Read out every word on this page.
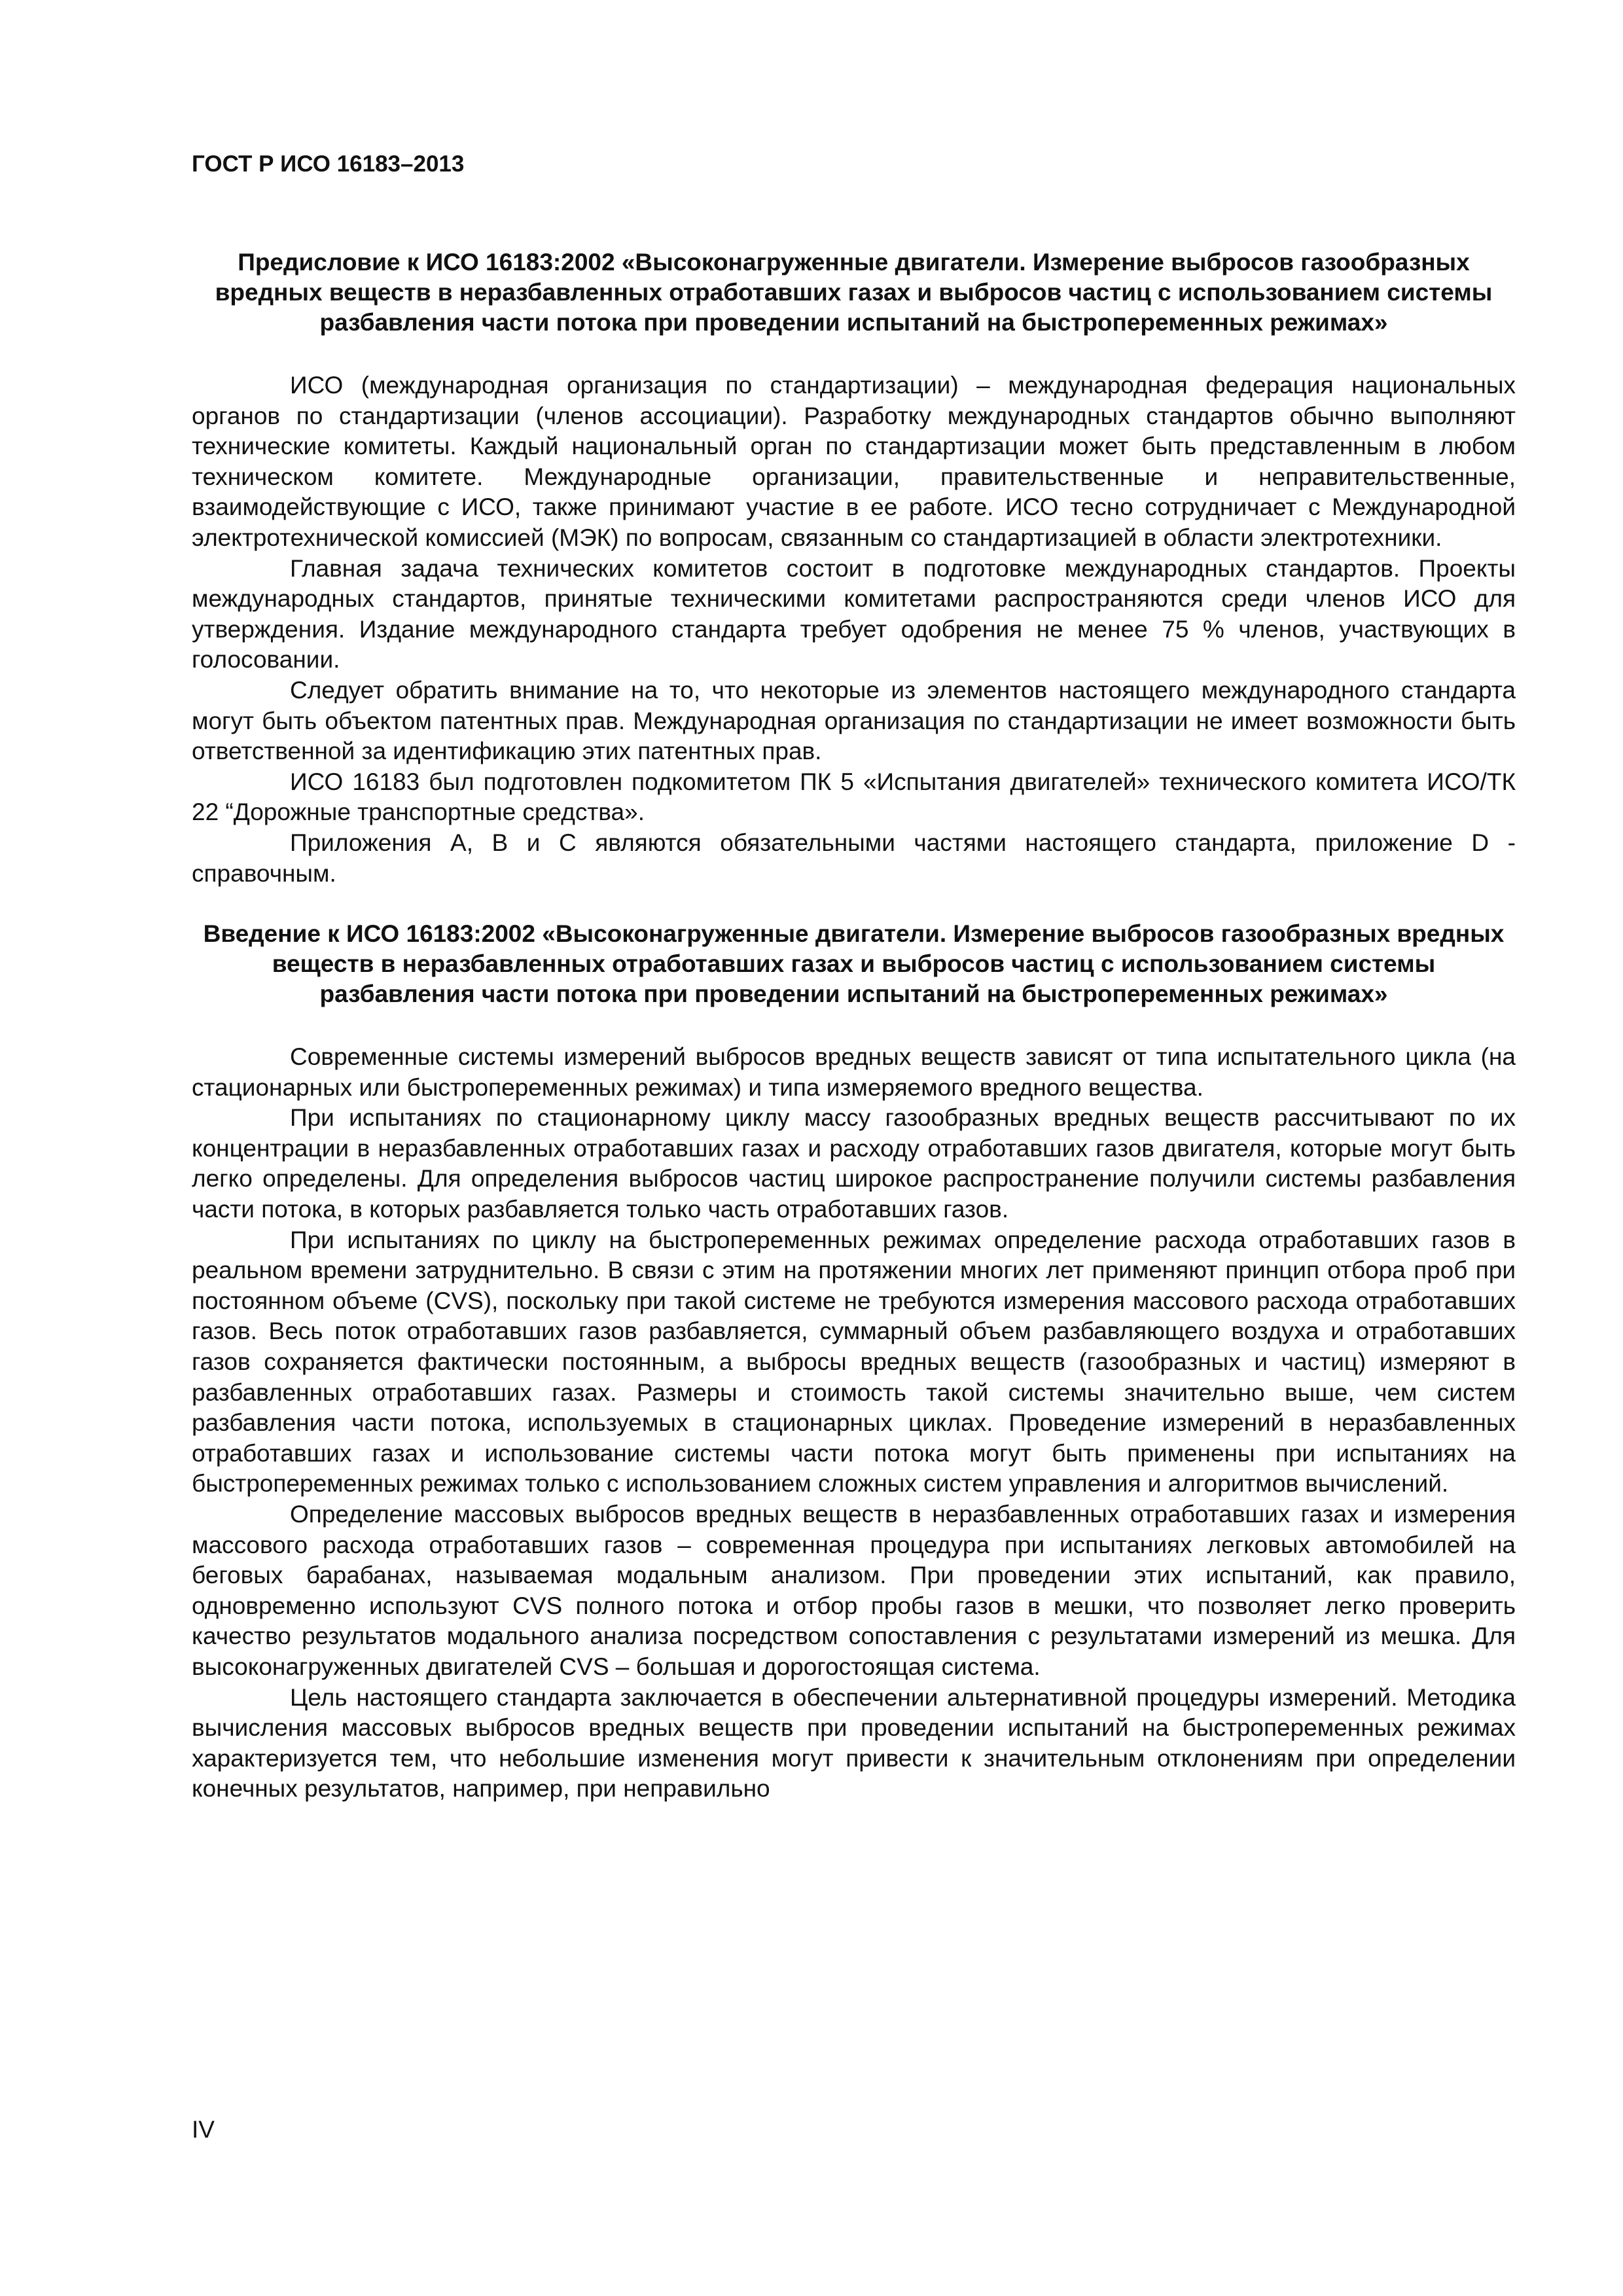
ГОСТ Р ИСО 16183–2013
Предисловие к ИСО 16183:2002 «Высоконагруженные двигатели. Измерение выбросов газообразных вредных веществ в неразбавленных отработавших газах и выбросов частиц с использованием системы разбавления части потока при проведении испытаний на быстропеременных режимах»

ИСО (международная организация по стандартизации) – международная федерация национальных органов по стандартизации (членов ассоциации). Разработку международных стандартов обычно выполняют технические комитеты. Каждый национальный орган по стандартизации может быть представленным в любом техническом комитете. Международные организации, правительственные и неправительственные, взаимодействующие с ИСО, также принимают участие в ее работе. ИСО тесно сотрудничает с Международной электротехнической комиссией (МЭК) по вопросам, связанным со стандартизацией в области электротехники.

Главная задача технических комитетов состоит в подготовке международных стандартов. Проекты международных стандартов, принятые техническими комитетами распространяются среди членов ИСО для утверждения. Издание международного стандарта требует одобрения не менее 75 % членов, участвующих в голосовании.

Следует обратить внимание на то, что некоторые из элементов настоящего международного стандарта могут быть объектом патентных прав. Международная организация по стандартизации не имеет возможности быть ответственной за идентификацию этих патентных прав.

ИСО 16183 был подготовлен подкомитетом ПК 5 «Испытания двигателей» технического комитета ИСО/ТК 22 “Дорожные транспортные средства».

Приложения А, В и С являются обязательными частями настоящего стандарта, приложение D - справочным.

Введение к ИСО 16183:2002 «Высоконагруженные двигатели. Измерение выбросов газообразных вредных веществ в неразбавленных отработавших газах и выбросов частиц с использованием системы разбавления части потока при проведении испытаний на быстропеременных режимах»

Современные системы измерений выбросов вредных веществ зависят от типа испытательного цикла (на стационарных или быстропеременных режимах) и типа измеряемого вредного вещества.

При испытаниях по стационарному циклу массу газообразных вредных веществ рассчитывают по их концентрации в неразбавленных отработавших газах и расходу отработавших газов двигателя, которые могут быть легко определены. Для определения выбросов частиц широкое распространение получили системы разбавления части потока, в которых разбавляется только часть отработавших газов.

При испытаниях по циклу на быстропеременных режимах определение расхода отработавших газов в реальном времени затруднительно. В связи с этим на протяжении многих лет применяют принцип отбора проб при постоянном объеме (CVS), поскольку при такой системе не требуются измерения массового расхода отработавших газов. Весь поток отработавших газов разбавляется, суммарный объем разбавляющего воздуха и отработавших газов сохраняется фактически постоянным, а выбросы вредных веществ (газообразных и частиц) измеряют в разбавленных отработавших газах. Размеры и стоимость такой системы значительно выше, чем систем разбавления части потока, используемых в стационарных циклах. Проведение измерений в неразбавленных отработавших газах и использование системы части потока могут быть применены при испытаниях на быстропеременных режимах только с использованием сложных систем управления и алгоритмов вычислений.

Определение массовых выбросов вредных веществ в неразбавленных отработавших газах и измерения массового расхода отработавших газов – современная процедура при испытаниях легковых автомобилей на беговых барабанах, называемая модальным анализом. При проведении этих испытаний, как правило, одновременно используют CVS полного потока и отбор пробы газов в мешки, что позволяет легко проверить качество результатов модального анализа посредством сопоставления с результатами измерений из мешка. Для высоконагруженных двигателей CVS – большая и дорогостоящая система.

Цель настоящего стандарта заключается в обеспечении альтернативной процедуры измерений. Методика вычисления массовых выбросов вредных веществ при проведении испытаний на быстропеременных режимах характеризуется тем, что небольшие изменения могут привести к значительным отклонениям при определении конечных результатов, например, при неправильно

IV
